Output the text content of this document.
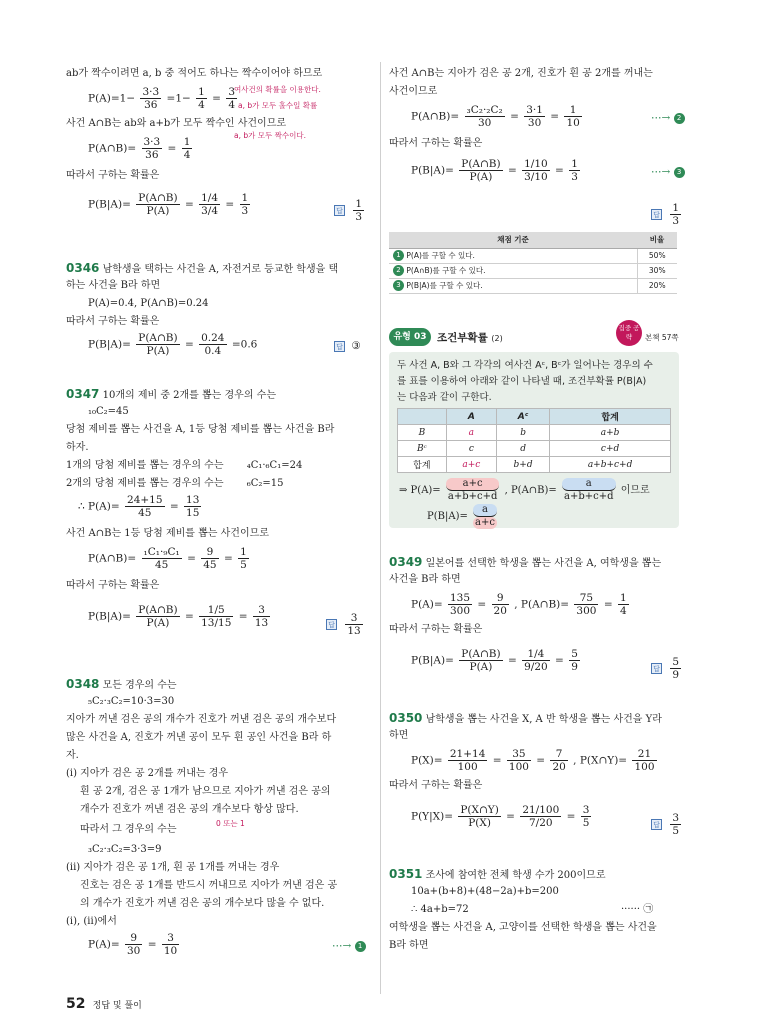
ab가 짝수이려면 a, b 중 적어도 하나는 짝수이어야 하므로
$P(A)=1- \frac{3\cdot 3}{36} =1- \frac{1}{4} = \frac{3}{4}$
여사건의 확률을 이용한다.
a, b가 모두 홀수일 확률
사건 A∩B는 ab와 a+b가 모두 짝수인 사건이므로
a, b가 모두 짝수이다.
P(A∩B)= $\frac{3\cdot 3}{36} = \frac{1}{4}$
따라서 구하는 확률은
$P(B|A)= \frac{P(A\cap B)}{P(A)} = \frac{1/4}{3/4} = \frac{1}{3}$	답 $\frac{1}{3}$
0346 남학생을 택하는 사건을 A, 자전거로 등교한 학생을 택
하는 사건을 B라 하면
P(A)=0.4, P(A∩B)=0.24
따라서 구하는 확률은
$P(B|A)= \frac{P(A\cap B)}{P(A)} = \frac{0.24}{0.4} =0.6$	답 ③
0347 10개의 제비 중 2개를 뽑는 경우의 수는
₁₀C₂=45
당첨 제비를 뽑는 사건을 A, 1등 당첨 제비를 뽑는 사건을 B라
하자.
1개의 당첨 제비를 뽑는 경우의 수는 ₄C₁·₆C₁=24
2개의 당첨 제비를 뽑는 경우의 수는 ₆C₂=15
∴ $P(A)= \frac{24+15}{45} = \frac{13}{15}$
사건 A∩B는 1등 당첨 제비를 뽑는 사건이므로
P(A∩B)= $\frac{\text{₁C₁·₉C₁}}{45} = \frac{9}{45} = \frac{1}{5}$
따라서 구하는 확률은
$P(B|A)= \frac{P(A\cap B)}{P(A)} = \frac{1/5}{13/15} = \frac{3}{13}$	답 $\frac{3}{13}$
0348 모든 경우의 수는
₅C₂·₃C₂=10·3=30
지아가 꺼낸 검은 공의 개수가 진호가 꺼낸 검은 공의 개수보다
많은 사건을 A, 진호가 꺼낸 공이 모두 흰 공인 사건을 B라 하
자.
(i) 지아가 검은 공 2개를 꺼내는 경우
흰 공 2개, 검은 공 1개가 남으므로 지아가 꺼낸 검은 공의
개수가 진호가 꺼낸 검은 공의 개수보다 항상 많다.
0 또는 1
따라서 그 경우의 수는
₃C₂·₃C₂=3·3=9
(ii) 지아가 검은 공 1개, 흰 공 1개를 꺼내는 경우
진호는 검은 공 1개를 반드시 꺼내므로 지아가 꺼낸 검은 공
의 개수가 진호가 꺼낸 검은 공의 개수보다 많을 수 없다.
(i), (ii)에서
$P(A)= \frac{9}{30} = \frac{3}{10}$	⋯→ 1
사건 A∩B는 지아가 검은 공 2개, 진호가 흰 공 2개를 꺼내는
사건이므로
P(A∩B)= $\frac{\text{₃C₂·₂C₂}}{30} = \frac{3\cdot 1}{30} = \frac{1}{10}$	⋯→ 2
따라서 구하는 확률은
$P(B|A)= \frac{P(A\cap B)}{P(A)} = \frac{1/10}{3/10} = \frac{1}{3}$	⋯→ 3
답 $\frac{1}{3}$
채점 기준	비율
1 P(A)를 구할 수 있다.	50%
2 P(A∩B)를 구할 수 있다.	30%
3 P(B|A)를 구할 수 있다.	20%
유형 03 조건부확률 (2)
집중 공략	본책 57쪽
두 사건 A, B와 그 각각의 여사건 Aᶜ, Bᶜ가 일어나는 경우의 수
를 표를 이용하여 아래와 같이 나타낼 때, 조건부확률 P(B|A)
는 다음과 같이 구한다.
	A	Aᶜ	합계
B	a	b	a+b
Bᶜ	c	d	c+d
합계	a+c	b+d	a+b+c+d
⇒ $P(A)= \frac{a+c}{a+b+c+d}$ , P(A∩B)= $\frac{a}{a+b+c+d}$ 이므로
$P(B|A)= \frac{a}{a+c}$
0349 일본어를 선택한 학생을 뽑는 사건을 A, 여학생을 뽑는
사건을 B라 하면
$P(A)= \frac{135}{300} = \frac{9}{20}$ , P(A∩B)= $\frac{75}{300} = \frac{1}{4}$
따라서 구하는 확률은
$P(B|A)= \frac{P(A\cap B)}{P(A)} = \frac{1/4}{9/20} = \frac{5}{9}$	답 $\frac{5}{9}$
0350 남학생을 뽑는 사건을 X, A 반 학생을 뽑는 사건을 Y라
하면
$P(X)= \frac{21+14}{100} = \frac{35}{100} = \frac{7}{20}$ , P(X∩Y)= $\frac{21}{100}$
따라서 구하는 확률은
$P(Y|X)= \frac{P(X\cap Y)}{P(X)} = \frac{21/100}{7/20} = \frac{3}{5}$	답 $\frac{3}{5}$
0351 조사에 참여한 전체 학생 수가 200이므로
10a+(b+8)+(48−2a)+b=200
∴ 4a+b=72	······ ㉠
여학생을 뽑는 사건을 A, 고양이를 선택한 학생을 뽑는 사건을
B라 하면
52 정답 및 풀이
